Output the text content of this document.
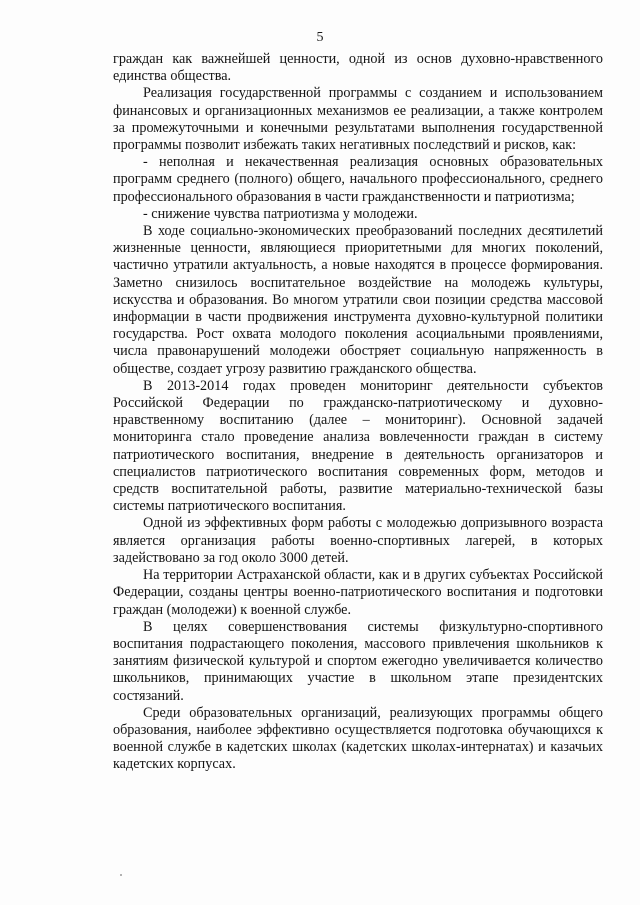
5

граждан как важнейшей ценности, одной из основ духовно-нравственного единства общества.

Реализация государственной программы с созданием и использованием финансовых и организационных механизмов ее реализации, а также контролем за промежуточными и конечными результатами выполнения государственной программы позволит избежать таких негативных последствий и рисков, как:

- неполная и некачественная реализация основных образовательных программ среднего (полного) общего, начального профессионального, среднего профессионального образования в части гражданственности и патриотизма;

- снижение чувства патриотизма у молодежи.

В ходе социально-экономических преобразований последних десятилетий жизненные ценности, являющиеся приоритетными для многих поколений, частично утратили актуальность, а новые находятся в процессе формирования. Заметно снизилось воспитательное воздействие на молодежь культуры, искусства и образования. Во многом утратили свои позиции средства массовой информации в части продвижения инструмента духовно-культурной политики государства. Рост охвата молодого поколения асоциальными проявлениями, числа правонарушений молодежи обостряет социальную напряженность в обществе, создает угрозу развитию гражданского общества.

В 2013-2014 годах проведен мониторинг деятельности субъектов Российской Федерации по гражданско-патриотическому и духовно-нравственному воспитанию (далее – мониторинг). Основной задачей мониторинга стало проведение анализа вовлеченности граждан в систему патриотического воспитания, внедрение в деятельность организаторов и специалистов патриотического воспитания современных форм, методов и средств воспитательной работы, развитие материально-технической базы системы патриотического воспитания.

Одной из эффективных форм работы с молодежью допризывного возраста является организация работы военно-спортивных лагерей, в которых задействовано за год около 3000 детей.

На территории Астраханской области, как и в других субъектах Российской Федерации, созданы центры военно-патриотического воспитания и подготовки граждан (молодежи) к военной службе.

В целях совершенствования системы физкультурно-спортивного воспитания подрастающего поколения, массового привлечения школьников к занятиям физической культурой и спортом ежегодно увеличивается количество школьников, принимающих участие в школьном этапе президентских состязаний.

Среди образовательных организаций, реализующих программы общего образования, наиболее эффективно осуществляется подготовка обучающихся к военной службе в кадетских школах (кадетских школах-интернатах) и казачьих кадетских корпусах.
